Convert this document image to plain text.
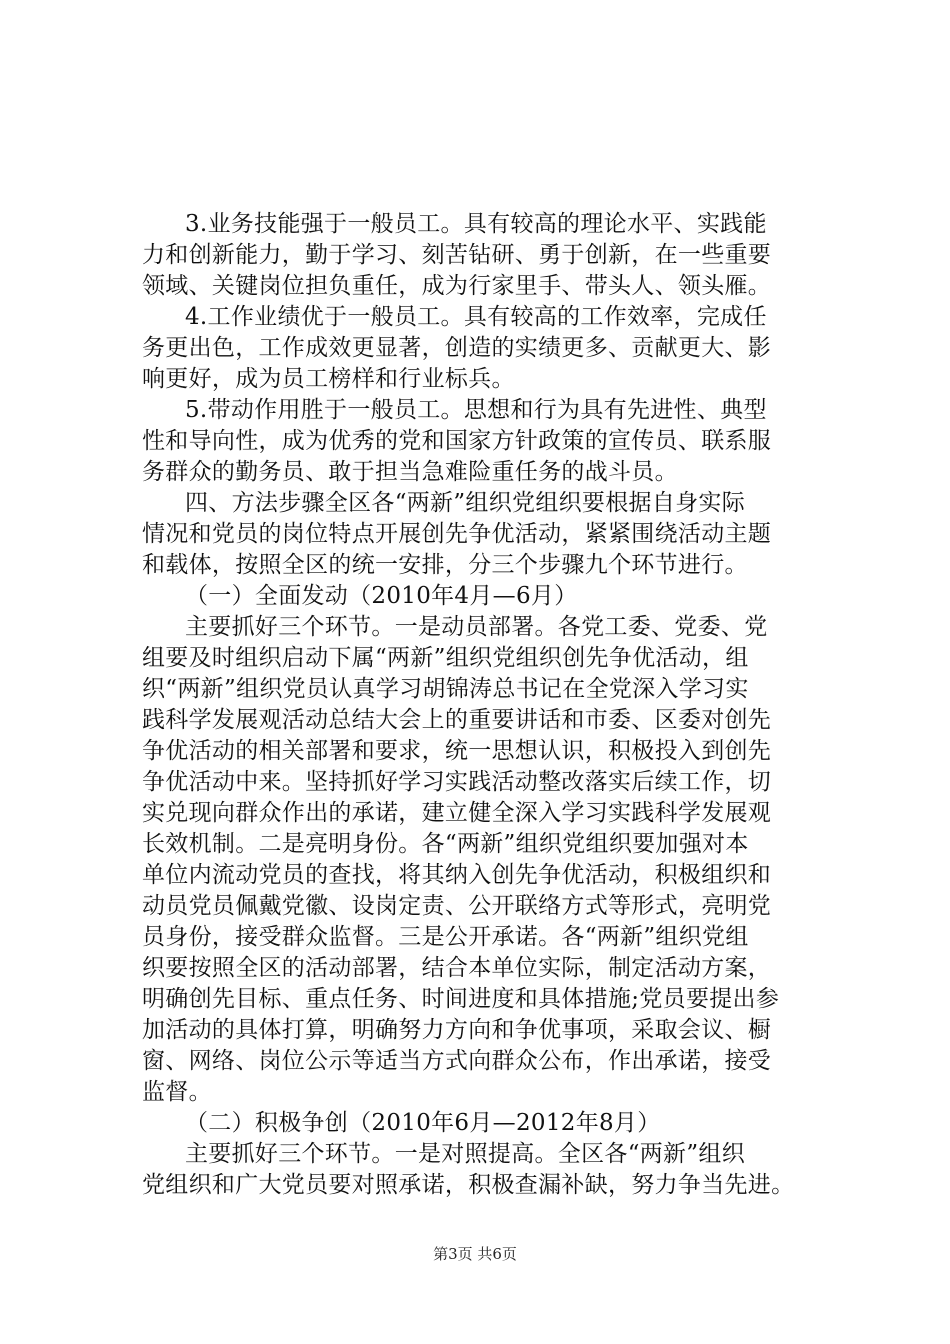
3.业务技能强于一般员工。具有较高的理论水平、实践能
力和创新能力，勤于学习、刻苦钻研、勇于创新，在一些重要
领域、关键岗位担负重任，成为行家里手、带头人、领头雁。
4.工作业绩优于一般员工。具有较高的工作效率，完成任
务更出色，工作成效更显著，创造的实绩更多、贡献更大、影
响更好，成为员工榜样和行业标兵。
5.带动作用胜于一般员工。思想和行为具有先进性、典型
性和导向性，成为优秀的党和国家方针政策的宣传员、联系服
务群众的勤务员、敢于担当急难险重任务的战斗员。
四、方法步骤全区各“两新”组织党组织要根据自身实际
情况和党员的岗位特点开展创先争优活动，紧紧围绕活动主题
和载体，按照全区的统一安排，分三个步骤九个环节进行。
（一）全面发动（2010年4月—6月）
主要抓好三个环节。一是动员部署。各党工委、党委、党
组要及时组织启动下属“两新”组织党组织创先争优活动，组
织“两新”组织党员认真学习胡锦涛总书记在全党深入学习实
践科学发展观活动总结大会上的重要讲话和市委、区委对创先
争优活动的相关部署和要求，统一思想认识，积极投入到创先
争优活动中来。坚持抓好学习实践活动整改落实后续工作，切
实兑现向群众作出的承诺，建立健全深入学习实践科学发展观
长效机制。二是亮明身份。各“两新”组织党组织要加强对本
单位内流动党员的查找，将其纳入创先争优活动，积极组织和
动员党员佩戴党徽、设岗定责、公开联络方式等形式，亮明党
员身份，接受群众监督。三是公开承诺。各“两新”组织党组
织要按照全区的活动部署，结合本单位实际，制定活动方案，
明确创先目标、重点任务、时间进度和具体措施;党员要提出参
加活动的具体打算，明确努力方向和争优事项，采取会议、橱
窗、网络、岗位公示等适当方式向群众公布，作出承诺，接受
监督。
（二）积极争创（2010年6月—2012年8月）
主要抓好三个环节。一是对照提高。全区各“两新”组织
党组织和广大党员要对照承诺，积极查漏补缺，努力争当先进。
第3页 共6页
